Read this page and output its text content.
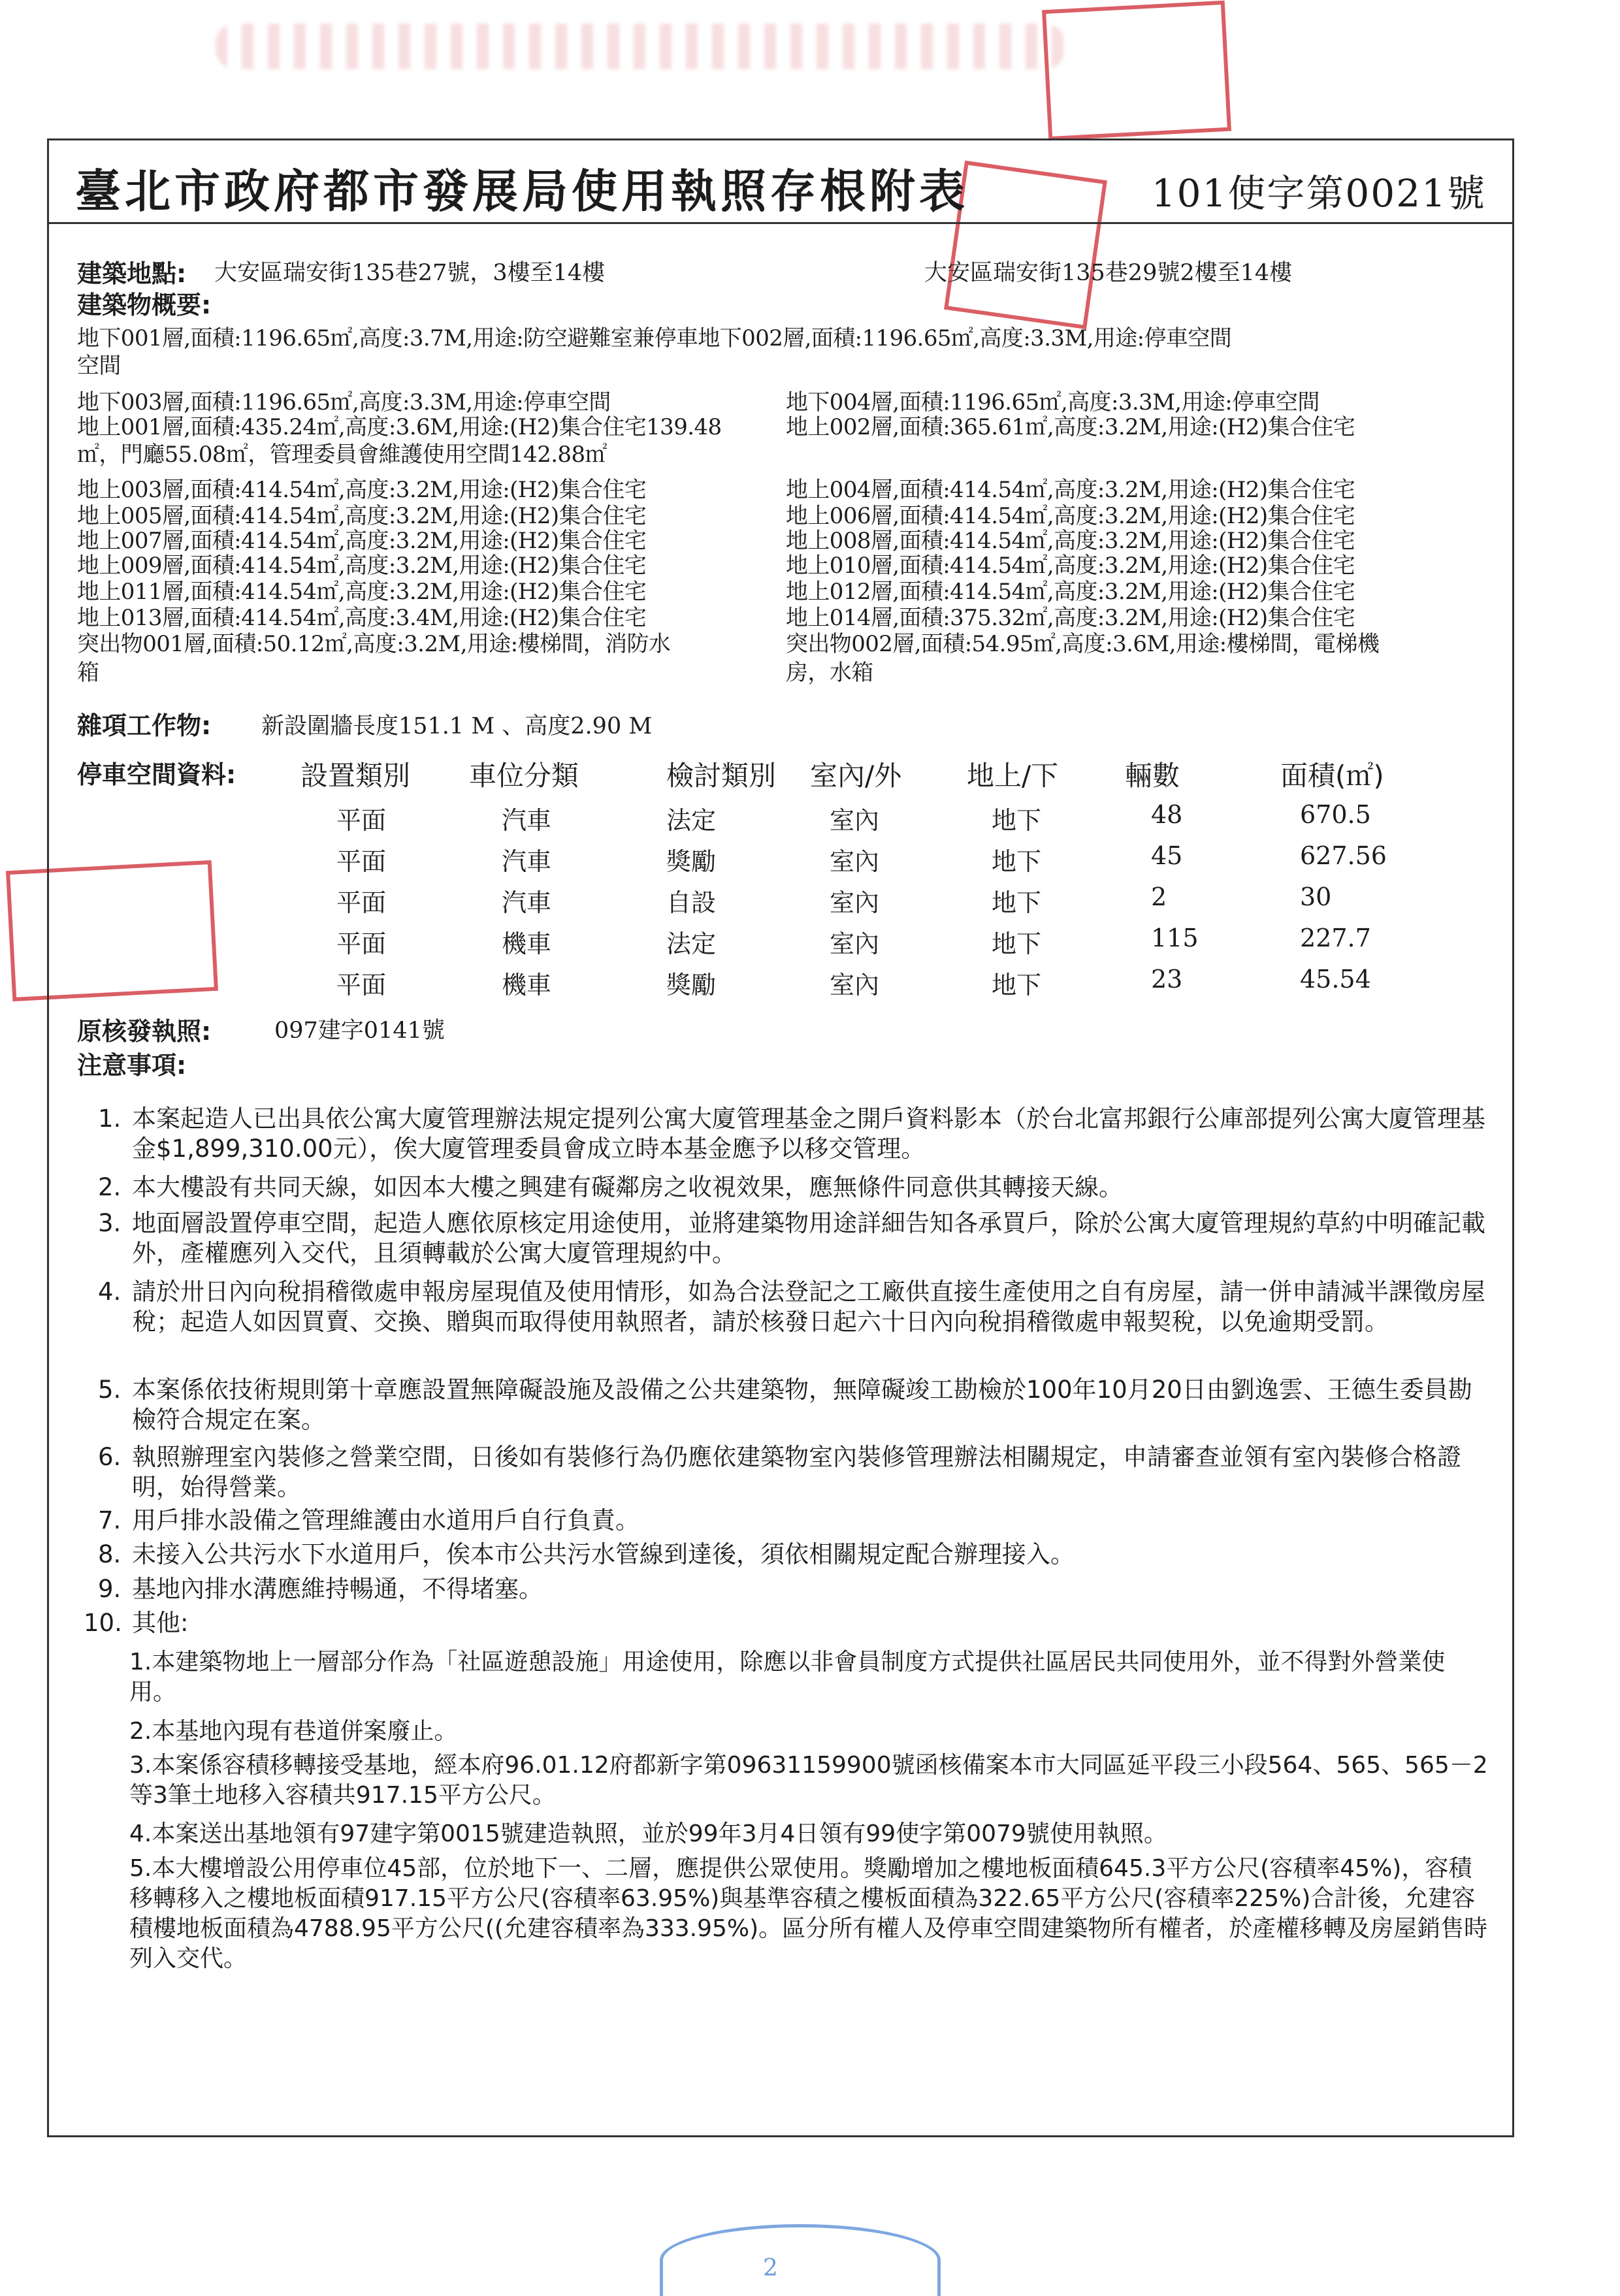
臺北市政府都市發展局使用執照存根附表	101使字第0021號
建築地點: 大安區瑞安街135巷27號，3樓至14樓	大安區瑞安街135巷29號2樓至14樓
建築物概要:
地下001層,面積:1196.65㎡,高度:3.7M,用途:防空避難室兼停車地下002層,面積:1196.65㎡,高度:3.3M,用途:停車空間
空間
地下003層,面積:1196.65㎡,高度:3.3M,用途:停車空間	地下004層,面積:1196.65㎡,高度:3.3M,用途:停車空間
地上001層,面積:435.24㎡,高度:3.6M,用途:(H2)集合住宅139.48	地上002層,面積:365.61㎡,高度:3.2M,用途:(H2)集合住宅
㎡，門廳55.08㎡，管理委員會維護使用空間142.88㎡
地上003層,面積:414.54㎡,高度:3.2M,用途:(H2)集合住宅	地上004層,面積:414.54㎡,高度:3.2M,用途:(H2)集合住宅
地上005層,面積:414.54㎡,高度:3.2M,用途:(H2)集合住宅	地上006層,面積:414.54㎡,高度:3.2M,用途:(H2)集合住宅
地上007層,面積:414.54㎡,高度:3.2M,用途:(H2)集合住宅	地上008層,面積:414.54㎡,高度:3.2M,用途:(H2)集合住宅
地上009層,面積:414.54㎡,高度:3.2M,用途:(H2)集合住宅	地上010層,面積:414.54㎡,高度:3.2M,用途:(H2)集合住宅
地上011層,面積:414.54㎡,高度:3.2M,用途:(H2)集合住宅	地上012層,面積:414.54㎡,高度:3.2M,用途:(H2)集合住宅
地上013層,面積:414.54㎡,高度:3.4M,用途:(H2)集合住宅	地上014層,面積:375.32㎡,高度:3.2M,用途:(H2)集合住宅
突出物001層,面積:50.12㎡,高度:3.2M,用途:樓梯間，消防水	突出物002層,面積:54.95㎡,高度:3.6M,用途:樓梯間，電梯機
箱	房，水箱
雜項工作物: 新設圍牆長度151.1 M 、高度2.90 M
停車空間資料: 設置類別 車位分類	檢討類別 室內/外 地上/下 輛數	面積(㎡)
平面	汽車	法定	室內	地下	48	670.5
平面	汽車	獎勵	室內	地下	45	627.56
平面	汽車	自設	室內	地下	2	30
平面	機車	法定	室內	地下	115	227.7
平面	機車	獎勵	室內	地下	23	45.54
原核發執照:	097建字0141號
注意事項:
1. 本案起造人已出具依公寓大廈管理辦法規定提列公寓大廈管理基金之開戶資料影本（於台北富邦銀行公庫部提列公寓大廈管理基金$1,899,310.00元），俟大廈管理委員會成立時本基金應予以移交管理。
2. 本大樓設有共同天線，如因本大樓之興建有礙鄰房之收視效果，應無條件同意供其轉接天線。
3. 地面層設置停車空間，起造人應依原核定用途使用，並將建築物用途詳細告知各承買戶，除於公寓大廈管理規約草約中明確記載外，產權應列入交代，且須轉載於公寓大廈管理規約中。
4. 請於卅日內向稅捐稽徵處申報房屋現值及使用情形，如為合法登記之工廠供直接生產使用之自有房屋，請一併申請減半課徵房屋稅；起造人如因買賣、交換、贈與而取得使用執照者，請於核發日起六十日內向稅捐稽徵處申報契稅，以免逾期受罰。
5. 本案係依技術規則第十章應設置無障礙設施及設備之公共建築物，無障礙竣工勘檢於100年10月20日由劉逸雲、王德生委員勘檢符合規定在案。
6. 執照辦理室內裝修之營業空間，日後如有裝修行為仍應依建築物室內裝修管理辦法相關規定，申請審查並領有室內裝修合格證明，始得營業。
7. 用戶排水設備之管理維護由水道用戶自行負責。
8. 未接入公共污水下水道用戶，俟本市公共污水管線到達後，須依相關規定配合辦理接入。
9. 基地內排水溝應維持暢通，不得堵塞。
10. 其他:
1.本建築物地上一層部分作為「社區遊憩設施」用途使用，除應以非會員制度方式提供社區居民共同使用外，並不得對外營業使用。
2.本基地內現有巷道併案廢止。
3.本案係容積移轉接受基地，經本府96.01.12府都新字第09631159900號函核備案本市大同區延平段三小段564、565、565－2等3筆土地移入容積共917.15平方公尺。
4.本案送出基地領有97建字第0015號建造執照，並於99年3月4日領有99使字第0079號使用執照。
5.本大樓增設公用停車位45部，位於地下一、二層，應提供公眾使用。獎勵增加之樓地板面積645.3平方公尺(容積率45%)，容積移轉移入之樓地板面積917.15平方公尺(容積率63.95%)與基準容積之樓板面積為322.65平方公尺(容積率225%)合計後，允建容積樓地板面積為4788.95平方公尺((允建容積率為333.95%)。區分所有權人及停車空間建築物所有權者，於產權移轉及房屋銷售時列入交代。
2
